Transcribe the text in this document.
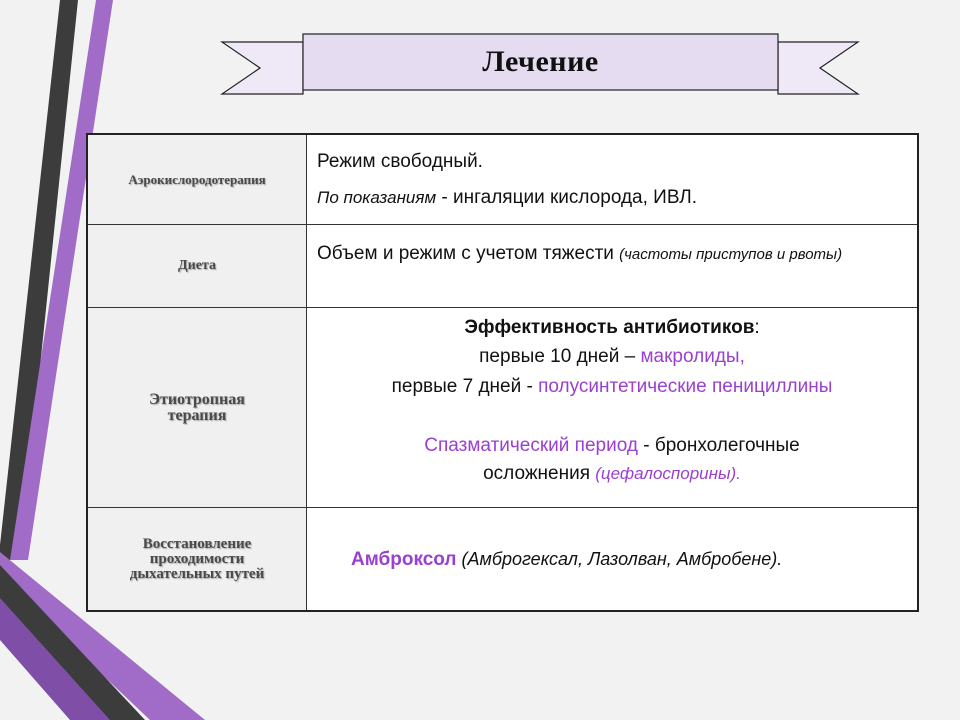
Лечение
Аэрокислородотерапия
Режим свободный.
По показаниям - ингаляции кислорода, ИВЛ.
Диета
Объем и режим с учетом тяжести (частоты приступов и рвоты)
Этиотропная
терапия
Эффективность антибиотиков:
первые 10 дней – макролиды,
первые 7 дней - полусинтетические пенициллины
Спазматический период - бронхолегочные
осложнения (цефалоспорины).
Восстановление
проходимости
дыхательных путей
Амброксол (Амброгексал, Лазолван, Амбробене).
